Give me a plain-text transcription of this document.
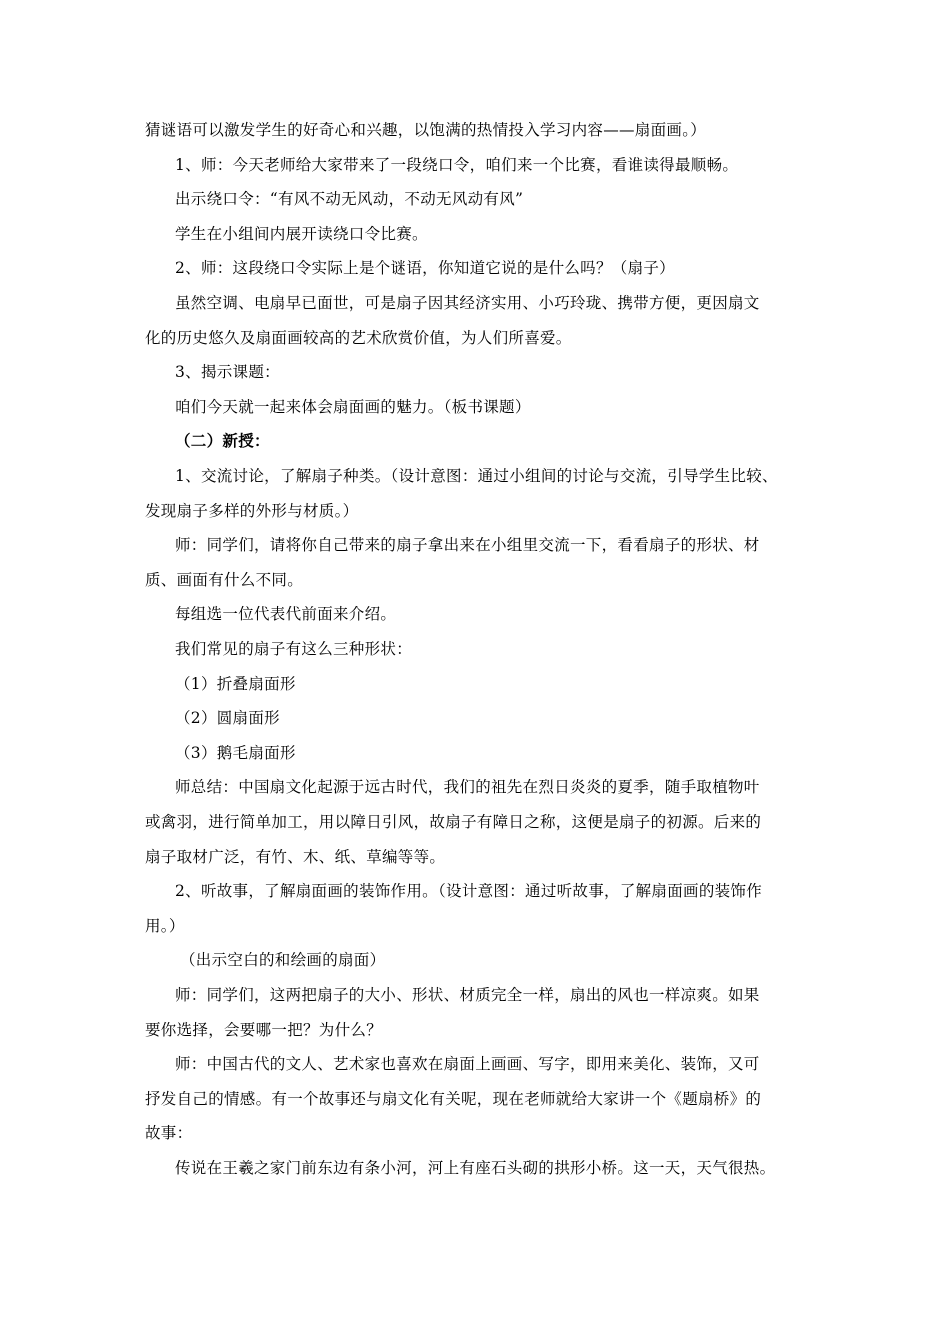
猜谜语可以激发学生的好奇心和兴趣，以饱满的热情投入学习内容——扇面画。）
1、师：今天老师给大家带来了一段绕口令，咱们来一个比赛，看谁读得最顺畅。
出示绕口令：“有风不动无风动，不动无风动有风”
学生在小组间内展开读绕口令比赛。
2、师：这段绕口令实际上是个谜语，你知道它说的是什么吗？（扇子）
虽然空调、电扇早已面世，可是扇子因其经济实用、小巧玲珑、携带方便，更因扇文
化的历史悠久及扇面画较高的艺术欣赏价值，为人们所喜爱。
3、揭示课题：
咱们今天就一起来体会扇面画的魅力。（板书课题）
（二）新授：
1、交流讨论，了解扇子种类。（设计意图：通过小组间的讨论与交流，引导学生比较、
发现扇子多样的外形与材质。）
师：同学们，请将你自己带来的扇子拿出来在小组里交流一下，看看扇子的形状、材
质、画面有什么不同。
每组选一位代表代前面来介绍。
我们常见的扇子有这么三种形状：
（1）折叠扇面形
（2）圆扇面形
（3）鹅毛扇面形
师总结：中国扇文化起源于远古时代，我们的祖先在烈日炎炎的夏季，随手取植物叶
或禽羽，进行简单加工，用以障日引风，故扇子有障日之称，这便是扇子的初源。后来的
扇子取材广泛，有竹、木、纸、草编等等。
2、听故事，了解扇面画的装饰作用。（设计意图：通过听故事，了解扇面画的装饰作
用。）
（出示空白的和绘画的扇面）
师：同学们，这两把扇子的大小、形状、材质完全一样，扇出的风也一样凉爽。如果
要你选择，会要哪一把？为什么？
师：中国古代的文人、艺术家也喜欢在扇面上画画、写字，即用来美化、装饰，又可
抒发自己的情感。有一个故事还与扇文化有关呢，现在老师就给大家讲一个《题扇桥》的
故事：
传说在王羲之家门前东边有条小河，河上有座石头砌的拱形小桥。这一天，天气很热。
